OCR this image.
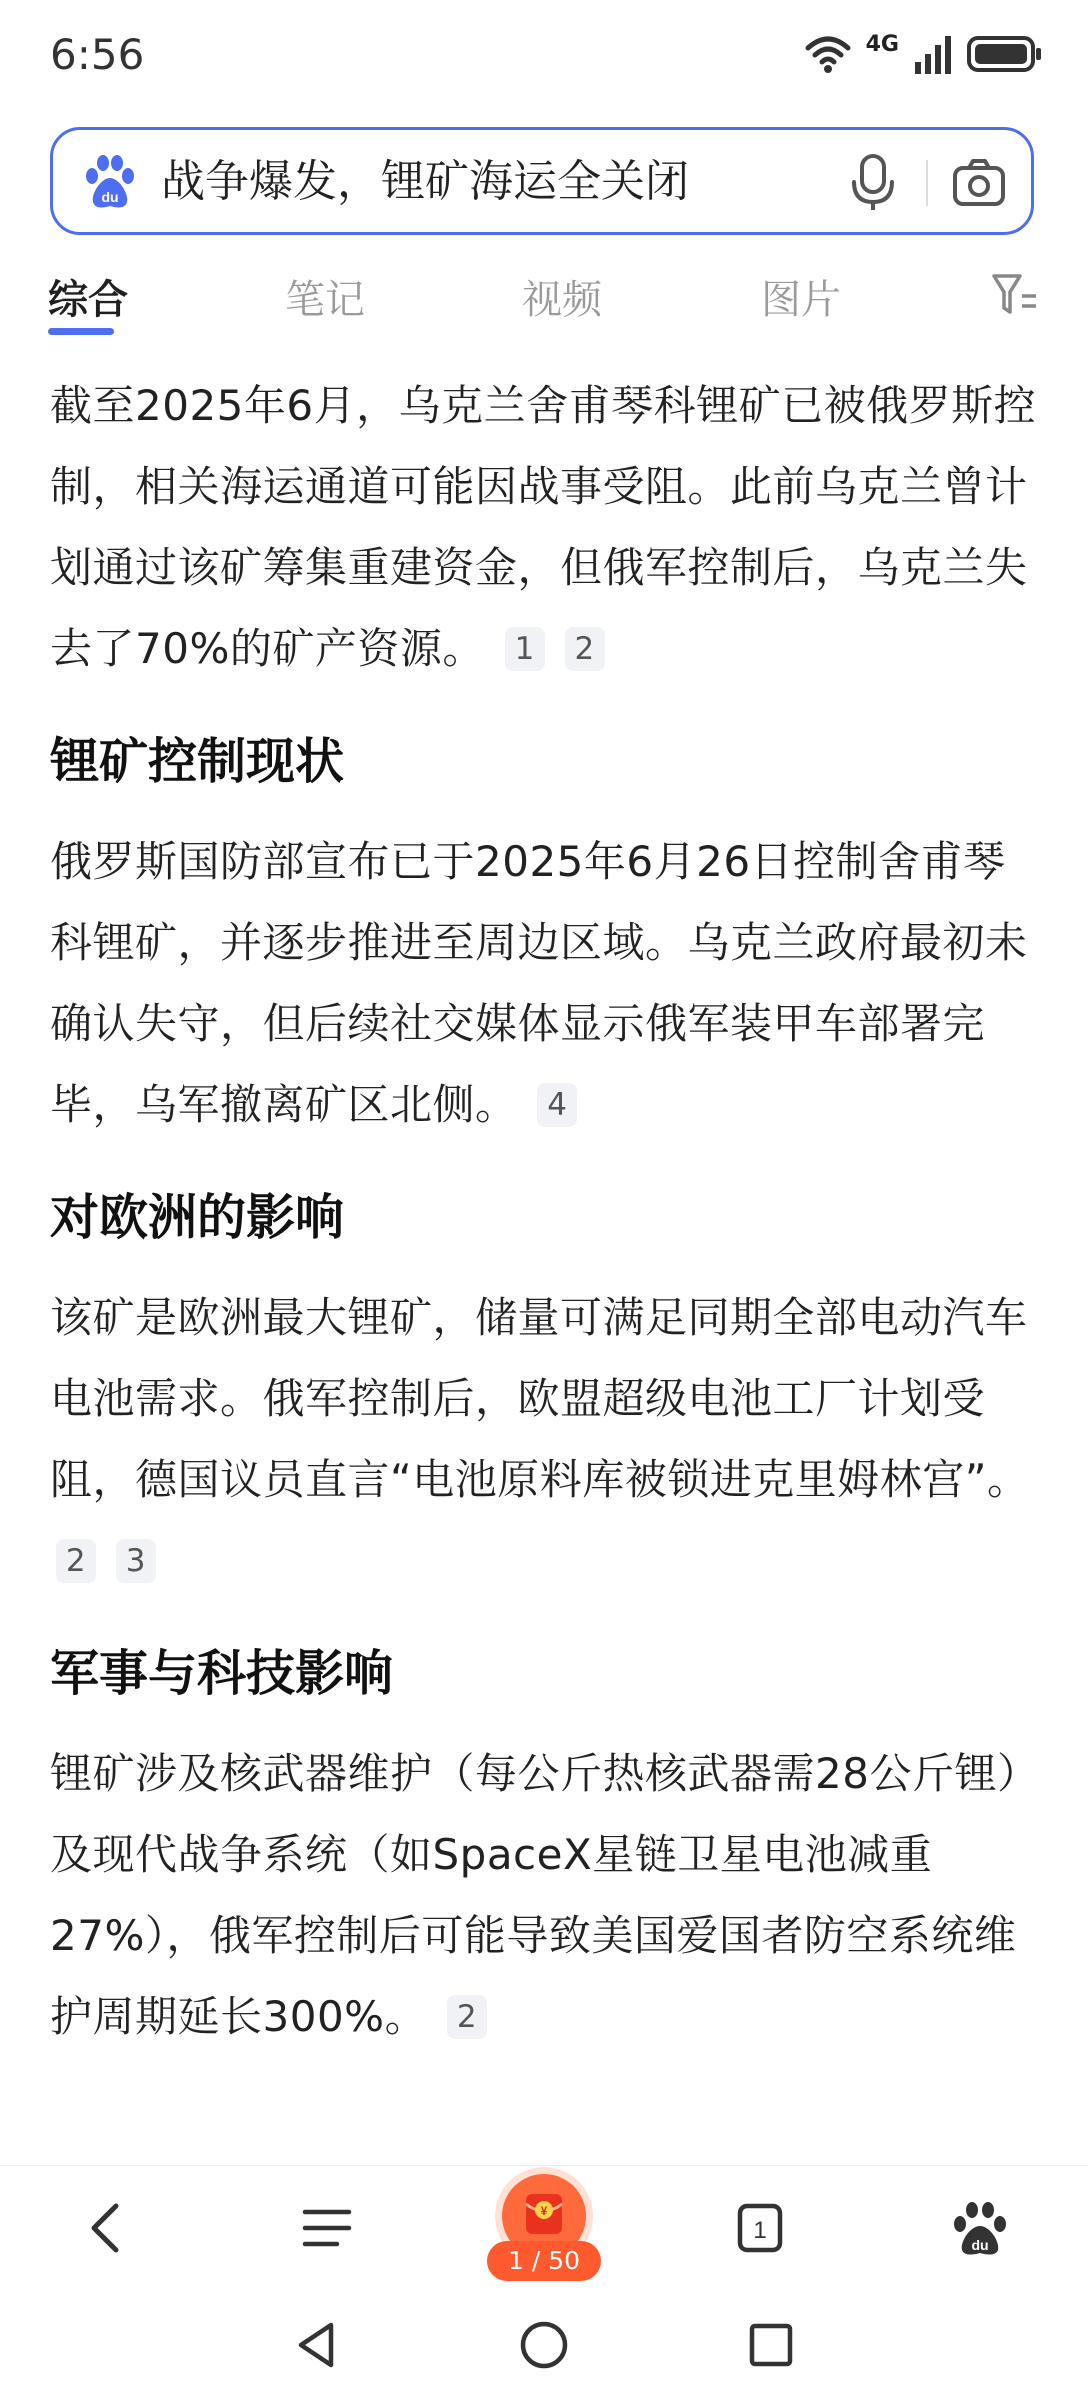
6:56	4G
du 战争爆发，锂矿海运全关闭
综合	笔记	视频	图片

截至2025年6月，乌克兰舍甫琴科锂矿已被俄罗斯控制，相关海运通道可能因战事受阻。此前乌克兰曾计划通过该矿筹集重建资金，但俄军控制后，乌克兰失去了70%的矿产资源。 1 2

锂矿控制现状

俄罗斯国防部宣布已于2025年6月26日控制舍甫琴科锂矿，并逐步推进至周边区域。乌克兰政府最初未确认失守，但后续社交媒体显示俄军装甲车部署完毕，乌军撤离矿区北侧。 4

对欧洲的影响

该矿是欧洲最大锂矿，储量可满足同期全部电动汽车电池需求。俄军控制后，欧盟超级电池工厂计划受阻，德国议员直言“电池原料库被锁进克里姆林宫”。 2 3

军事与科技影响

锂矿涉及核武器维护（每公斤热核武器需28公斤锂）及现代战争系统（如SpaceX星链卫星电池减重27%），俄军控制后可能导致美国爱国者防空系统维护周期延长300%。 2

¥
1 / 50
1
du
